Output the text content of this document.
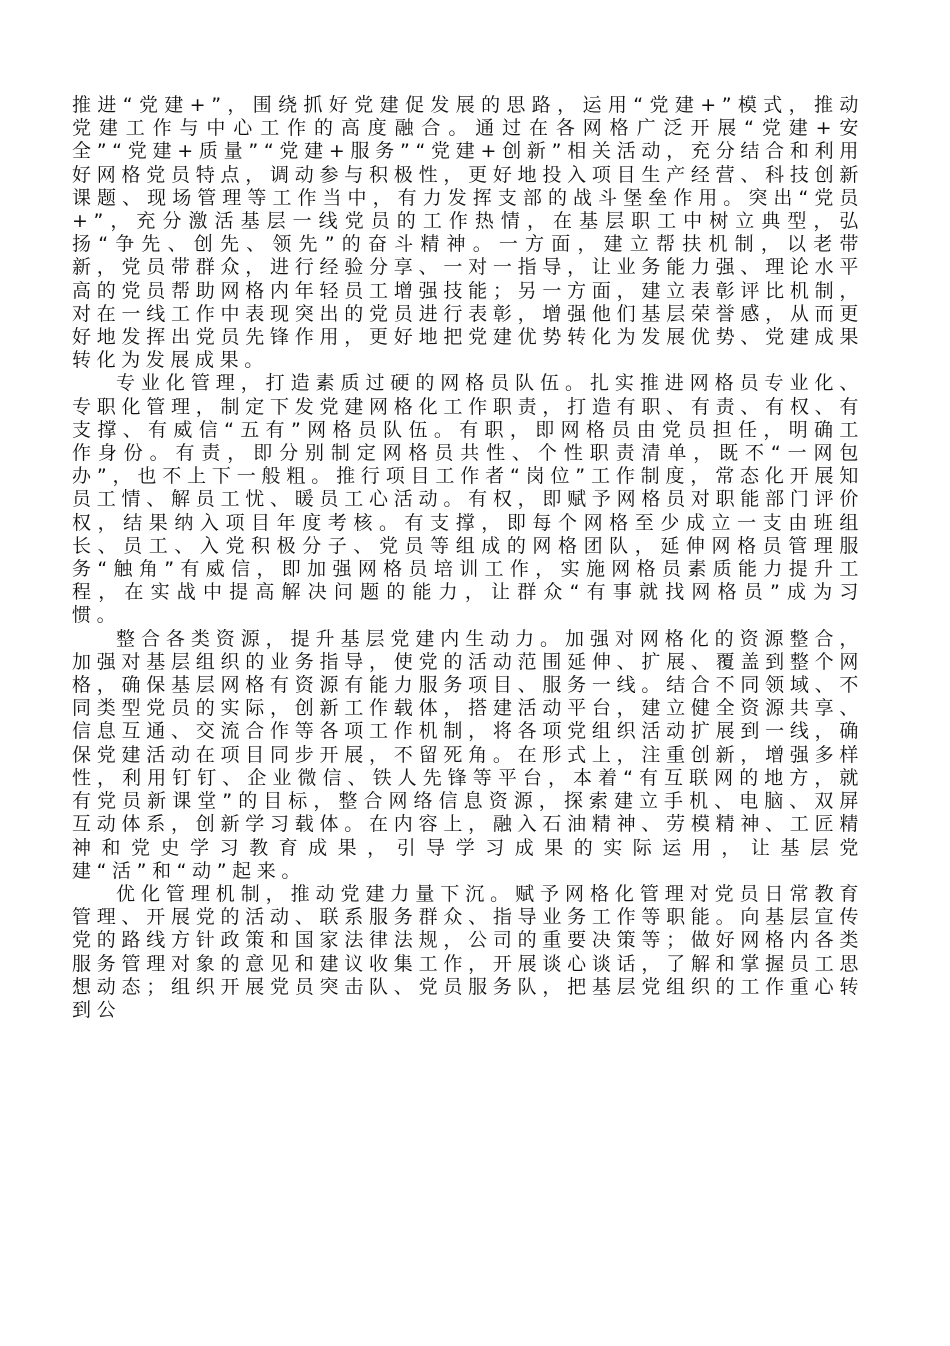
推进“党建+”，围绕抓好党建促发展的思路，运用“党建+”模式，推动党建工作与中心工作的高度融合。通过在各网格广泛开展“党建+安全”“党建+质量”“党建+服务”“党建+创新”相关活动，充分结合和利用好网格党员特点，调动参与积极性，更好地投入项目生产经营、科技创新课题、现场管理等工作当中，有力发挥支部的战斗堡垒作用。突出“党员+”，充分激活基层一线党员的工作热情，在基层职工中树立典型，弘扬“争先、创先、领先”的奋斗精神。一方面，建立帮扶机制，以老带新，党员带群众，进行经验分享、一对一指导，让业务能力强、理论水平高的党员帮助网格内年轻员工增强技能；另一方面，建立表彰评比机制，对在一线工作中表现突出的党员进行表彰，增强他们基层荣誉感，从而更好地发挥出党员先锋作用，更好地把党建优势转化为发展优势、党建成果转化为发展成果。

专业化管理，打造素质过硬的网格员队伍。扎实推进网格员专业化、专职化管理，制定下发党建网格化工作职责，打造有职、有责、有权、有支撑、有威信“五有”网格员队伍。有职，即网格员由党员担任，明确工作身份。有责，即分别制定网格员共性、个性职责清单，既不“一网包办”，也不上下一般粗。推行项目工作者“岗位”工作制度，常态化开展知员工情、解员工忧、暖员工心活动。有权，即赋予网格员对职能部门评价权，结果纳入项目年度考核。有支撑，即每个网格至少成立一支由班组长、员工、入党积极分子、党员等组成的网格团队，延伸网格员管理服务“触角”有威信，即加强网格员培训工作，实施网格员素质能力提升工程，在实战中提高解决问题的能力，让群众“有事就找网格员”成为习惯。

整合各类资源，提升基层党建内生动力。加强对网格化的资源整合，加强对基层组织的业务指导，使党的活动范围延伸、扩展、覆盖到整个网格，确保基层网格有资源有能力服务项目、服务一线。结合不同领域、不同类型党员的实际，创新工作载体，搭建活动平台，建立健全资源共享、信息互通、交流合作等各项工作机制，将各项党组织活动扩展到一线，确保党建活动在项目同步开展，不留死角。在形式上，注重创新，增强多样性，利用钉钉、企业微信、铁人先锋等平台，本着“有互联网的地方，就有党员新课堂”的目标，整合网络信息资源，探索建立手机、电脑、双屏互动体系，创新学习载体。在内容上，融入石油精神、劳模精神、工匠精神和党史学习教育成果，引导学习成果的实际运用，让基层党建“活”和“动”起来。

优化管理机制，推动党建力量下沉。赋予网格化管理对党员日常教育管理、开展党的活动、联系服务群众、指导业务工作等职能。向基层宣传党的路线方针政策和国家法律法规，公司的重要决策等；做好网格内各类服务管理对象的意见和建议收集工作，开展谈心谈话，了解和掌握员工思想动态；组织开展党员突击队、党员服务队，把基层党组织的工作重心转到公
